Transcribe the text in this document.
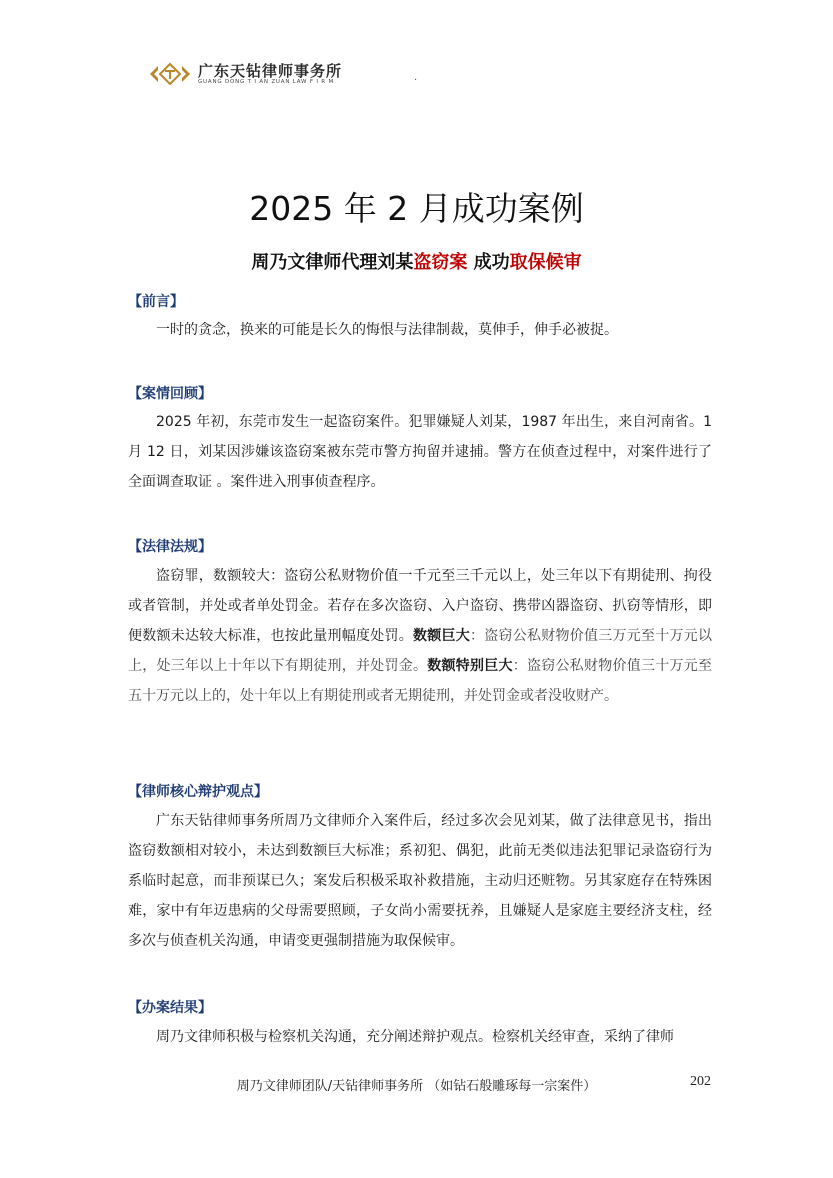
广东天钻律师事务所
GUANG DONG T I AN ZUAN LAW F I R M	.
2025 年 2 月成功案例
周乃文律师代理刘某盗窃案 成功取保候审
【前言】
一时的贪念，换来的可能是长久的悔恨与法律制裁，莫伸手，伸手必被捉。
【案情回顾】
2025 年初，东莞市发生一起盗窃案件。犯罪嫌疑人刘某，1987 年出生，来自河南省。1 月 12 日，刘某因涉嫌该盗窃案被东莞市警方拘留并逮捕。警方在侦查过程中，对案件进行了全面调查取证 。案件进入刑事侦查程序。
【法律法规】
盗窃罪，数额较大：盗窃公私财物价值一千元至三千元以上，处三年以下有期徒刑、拘役或者管制，并处或者单处罚金。若存在多次盗窃、入户盗窃、携带凶器盗窃、扒窃等情形，即便数额未达较大标准，也按此量刑幅度处罚。数额巨大：盗窃公私财物价值三万元至十万元以上，处三年以上十年以下有期徒刑，并处罚金。数额特别巨大：盗窃公私财物价值三十万元至五十万元以上的，处十年以上有期徒刑或者无期徒刑，并处罚金或者没收财产。
【律师核心辩护观点】
广东天钻律师事务所周乃文律师介入案件后，经过多次会见刘某，做了法律意见书，指出盗窃数额相对较小，未达到数额巨大标准；系初犯、偶犯，此前无类似违法犯罪记录盗窃行为系临时起意，而非预谋已久；案发后积极采取补救措施，主动归还赃物。另其家庭存在特殊困难，家中有年迈患病的父母需要照顾，子女尚小需要抚养，且嫌疑人是家庭主要经济支柱，经多次与侦查机关沟通，申请变更强制措施为取保候审。
【办案结果】
周乃文律师积极与检察机关沟通，充分阐述辩护观点。检察机关经审查，采纳了律师
周乃文律师团队/天钻律师事务所 （如钻石般雕琢每一宗案件）	202
